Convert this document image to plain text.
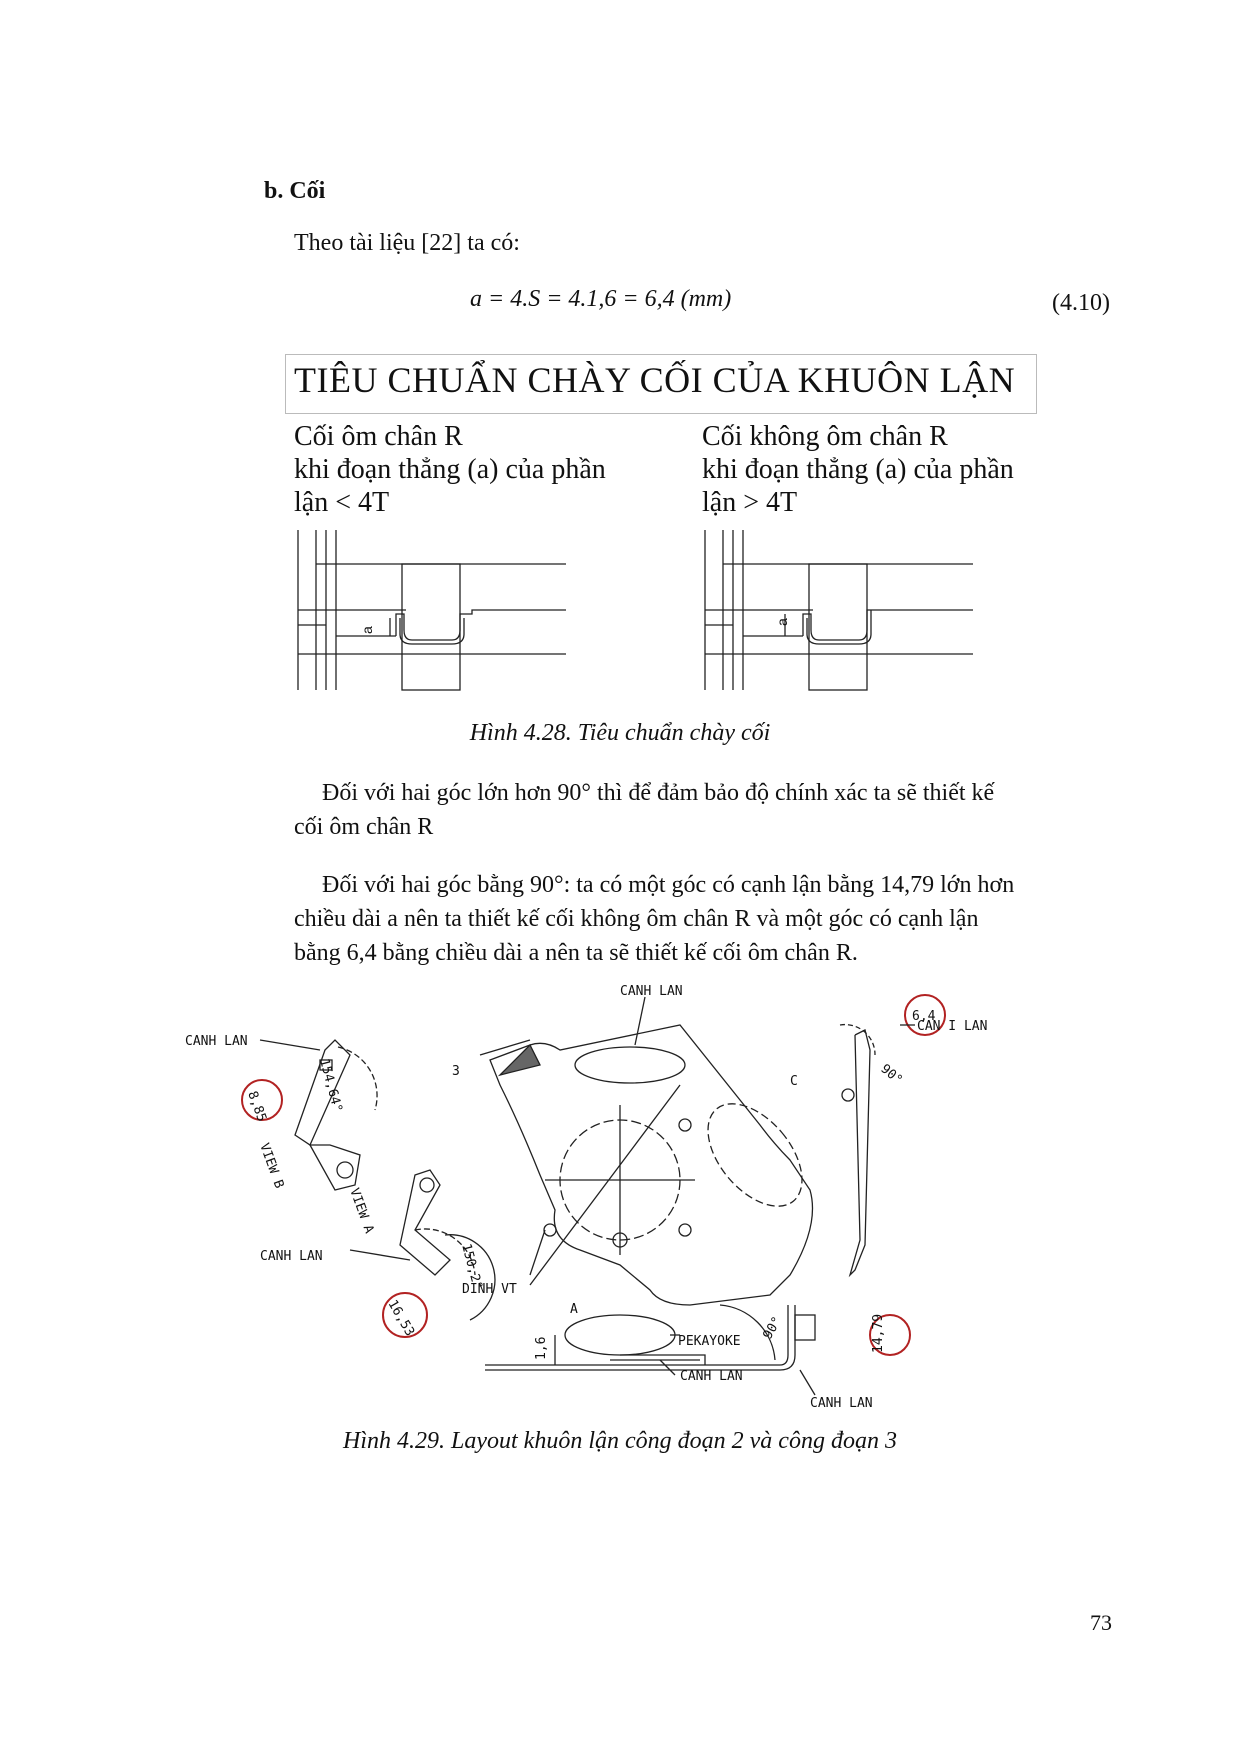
b. Cối
Theo tài liệu [22] ta có:
a = 4.S = 4.1,6 = 6,4 (mm)	(4.10)
TIÊU CHUẨN CHÀY CỐI CỦA KHUÔN LẬN
Cối ôm chân R
khi đoạn thẳng (a) của phần
lận < 4T
Cối không ôm chân R
khi đoạn thẳng (a) của phần
lận > 4T
a
a
Hình 4.28. Tiêu chuẩn chày cối
Đối với hai góc lớn hơn 90° thì để đảm bảo độ chính xác ta sẽ thiết kế
cối ôm chân R
Đối với hai góc bằng 90°: ta có một góc có cạnh lận bằng 14,79 lớn hơn
chiều dài a nên ta thiết kế cối không ôm chân R và một góc có cạnh lận
bằng 6,4 bằng chiều dài a nên ta sẽ thiết kế cối ôm chân R.
CANH LAN
CANH LAN
CANH LAN
CAN I LAN
CANH LAN
CANH LAN
DINH VT
PEKAYOKE
A
C
3
VIEW B
VIEW A
154,64°
8,85
150,2°
16,53
6,4
90°
90°	14,79
1,6
Hình 4.29. Layout khuôn lận công đoạn 2 và công đoạn 3
73
